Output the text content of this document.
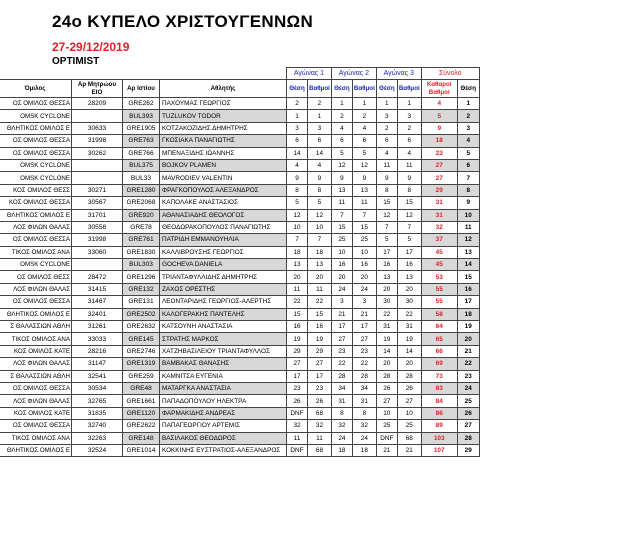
24ο ΚΥΠΕΛΟ ΧΡΙΣΤΟΥΓΕΝΝΩΝ
27-29/12/2019
OPTIMIST
				Αγώνας 1		Αγώνας 2		Αγώνας 3		Σύνολο	
Όμιλος	Αρ Μητρώου ΕΙΟ	Αρ Ιστίου	Αθλητής	Θέση	Βαθμοί	Θέση	Βαθμοί	Θέση	Βαθμοί	Καθαροί Βαθμοί	Θέση
ΟΣ ΟΜΙΛΟΣ ΘΕΣΣΑ	28209	GRE262	ΠΑΧΟΥΜΑΣ ΓΕΩΡΓΙΟΣ	2	2	1	1	1	1	4	1
OMSK CYCLONE		BUL393	TUZLUKOV TODOR	1	1	2	2	3	3	5	2
ΘΛΗΤΙΚΟΣ ΟΜΙΛΟΣ Ε	30633	GRE1905	ΚΟΤΖΑΚΟΖΙΔΗΣ ΔΗΜΗΤΡΗΣ	3	3	4	4	2	2	9	3
ΟΣ ΟΜΙΛΟΣ ΘΕΣΣΑ	31998	GRE763	ΓΚΟΣΙΑΚΑ ΠΑΝΑΓΙΩΤΗΣ	6	6	6	6	6	6	18	4
ΟΣ ΟΜΙΛΟΣ ΘΕΣΣΑ	30262	GRE766	ΜΠΕΝΑΞΙΔΗΣ ΙΩΑΝΝΗΣ	14	14	5	5	4	4	23	5
OMSK CYCLONE		BUL375	BOJKOV PLAMEN	4	4	12	12	11	11	27	6
OMSK CYCLONE		BUL33	MAVRODIEV VALENTIN	9	9	9	9	9	9	27	7
ΚΟΣ ΟΜΙΛΟΣ ΘΕΣΣ	30271	GRE1280	ΦΡΑΓΚΟΠΟΥΛΟΣ ΑΛΕΞΑΝΔΡΟΣ	8	8	13	13	8	8	29	8
ΚΟΣ ΟΜΙΛΟΣ ΘΕΣΣΑ	30567	GRE2068	ΚΑΠΟΛΑΚΕ ΑΝΑΣΤΑΣΙΟΣ	5	5	11	11	15	15	31	9
ΘΛΗΤΙΚΟΣ ΟΜΙΛΟΣ Ε	31701	GRE920	ΑΘΑΝΑΣΙΑΔΗΣ ΘΕΟΛΟΓΟΣ	12	12	7	7	12	12	31	10
ΛΟΣ ΦΙΛΩΝ ΘΑΛΑΣ	30558	GRE78	ΘΕΟΔΩΡΑΚΟΠΟΥΛΟΣ ΠΑΝΑΓΙΩΤΗΣ	10	10	15	15	7	7	32	11
ΟΣ ΟΜΙΛΟΣ ΘΕΣΣΑ	31998	GRE761	ΠΑΤΡΙΔΗ ΕΜΜΑΝΟΥΗΛΙΑ	7	7	25	25	5	5	37	12
ΤΙΚΟΣ ΟΜΙΛΟΣ ΑΝΑ	33060	GRE1830	ΚΑΛΛΙΒΡΟΥΣΗΣ ΓΕΩΡΓΙΟΣ	18	18	10	10	17	17	45	13
OMSK CYCLONE		BUL303	GOCHEVA DANIELA	13	13	16	16	16	16	45	14
ΟΣ ΟΜΙΛΟΣ ΘΕΣΣ	28472	GRE1296	ΤΡΙΑΝΤΑΦΥΛΛΙΔΗΣ ΔΗΜΗΤΡΗΣ	20	20	20	20	13	13	53	15
ΛΟΣ ΦΙΛΩΝ ΘΑΛΑΣ	31415	GRE132	ΖΑΧΟΣ ΟΡΕΣΤΗΣ	11	11	24	24	20	20	55	16
ΟΣ ΟΜΙΛΟΣ ΘΕΣΣΑ	31467	GRE131	ΛΕΟΝΤΑΡΙΔΗΣ ΓΕΩΡΓΙΟΣ-ΑΛΕΡΤΗΣ	22	22	3	3	30	30	55	17
ΘΛΗΤΙΚΟΣ ΟΜΙΛΟΣ Ε	32401	GRE2502	ΚΑΛΟΓΕΡΑΚΗΣ ΠΑΝΤΕΛΗΣ	15	15	21	21	22	22	58	18
Σ ΘΑΛΑΣΣΙΩΝ ΑΘΛΗ	31261	GRE2632	ΚΑΤΣΟΥΝΗ ΑΝΑΣΤΑΣΙΑ	16	16	17	17	31	31	64	19
ΤΙΚΟΣ ΟΜΙΛΟΣ ΑΝΑ	33033	GRE145	ΣΤΡΑΤΗΣ ΜΑΡΚΟΣ	19	19	27	27	19	19	65	20
ΚΟΣ ΟΜΙΛΟΣ ΚΑΤΕ	28216	GRE2746	ΧΑΤΖΗΒΑΣΙΛΕΙΟΥ ΤΡΙΑΝΤΑΦΥΛΛΟΣ	29	29	23	23	14	14	66	21
ΛΟΣ ΦΙΛΩΝ ΘΑΛΑΣ	31147	GRE1319	ΒΑΜΒΑΚΑΣ ΘΑΝΑΣΗΣ	27	27	22	22	20	20	69	22
Σ ΘΑΛΑΣΣΙΩΝ ΑΘΛΗ	32541	GRE259	ΚΑΜΝΙΤΣΑ ΕΥΓΕΝΙΑ	17	17	28	28	28	28	73	23
ΟΣ ΟΜΙΛΟΣ ΘΕΣΣΑ	30534	GRE48	ΜΑΤΑΡΓΚΑ ΑΝΑΣΤΑΣΙΑ	23	23	34	34	26	26	83	24
ΛΟΣ ΦΙΛΩΝ ΘΑΛΑΣ	32765	GRE1661	ΠΑΠΑΔΟΠΟΥΛΟΥ ΗΛΕΚΤΡΑ	26	26	31	31	27	27	84	25
ΚΟΣ ΟΜΙΛΟΣ ΚΑΤΕ	31835	GRE1120	ΦΑΡΜΑΚΙΔΗΣ ΑΝΔΡΕΑΣ	DNF	68	8	8	10	10	86	26
ΟΣ ΟΜΙΛΟΣ ΘΕΣΣΑ	32740	GRE2622	ΠΑΠΑΓΕΩΡΓΙΟΥ ΑΡΤΕΜΙΣ	32	32	32	32	25	25	89	27
ΤΙΚΟΣ ΟΜΙΛΟΣ ΑΝΑ	32263	GRE148	ΒΑΣΙΛΑΚΟΣ ΘΕΟΔΩΡΟΣ	11	11	24	24	DNF	68	103	28
ΘΛΗΤΙΚΟΣ ΟΜΙΛΟΣ Ε	32524	GRE1014	ΚΟΚΚΙΝΗΣ ΕΥΣΤΡΑΤΙΟΣ-ΑΛΕΞΑΝΔΡΟΣ	DNF	68	18	18	21	21	107	29
